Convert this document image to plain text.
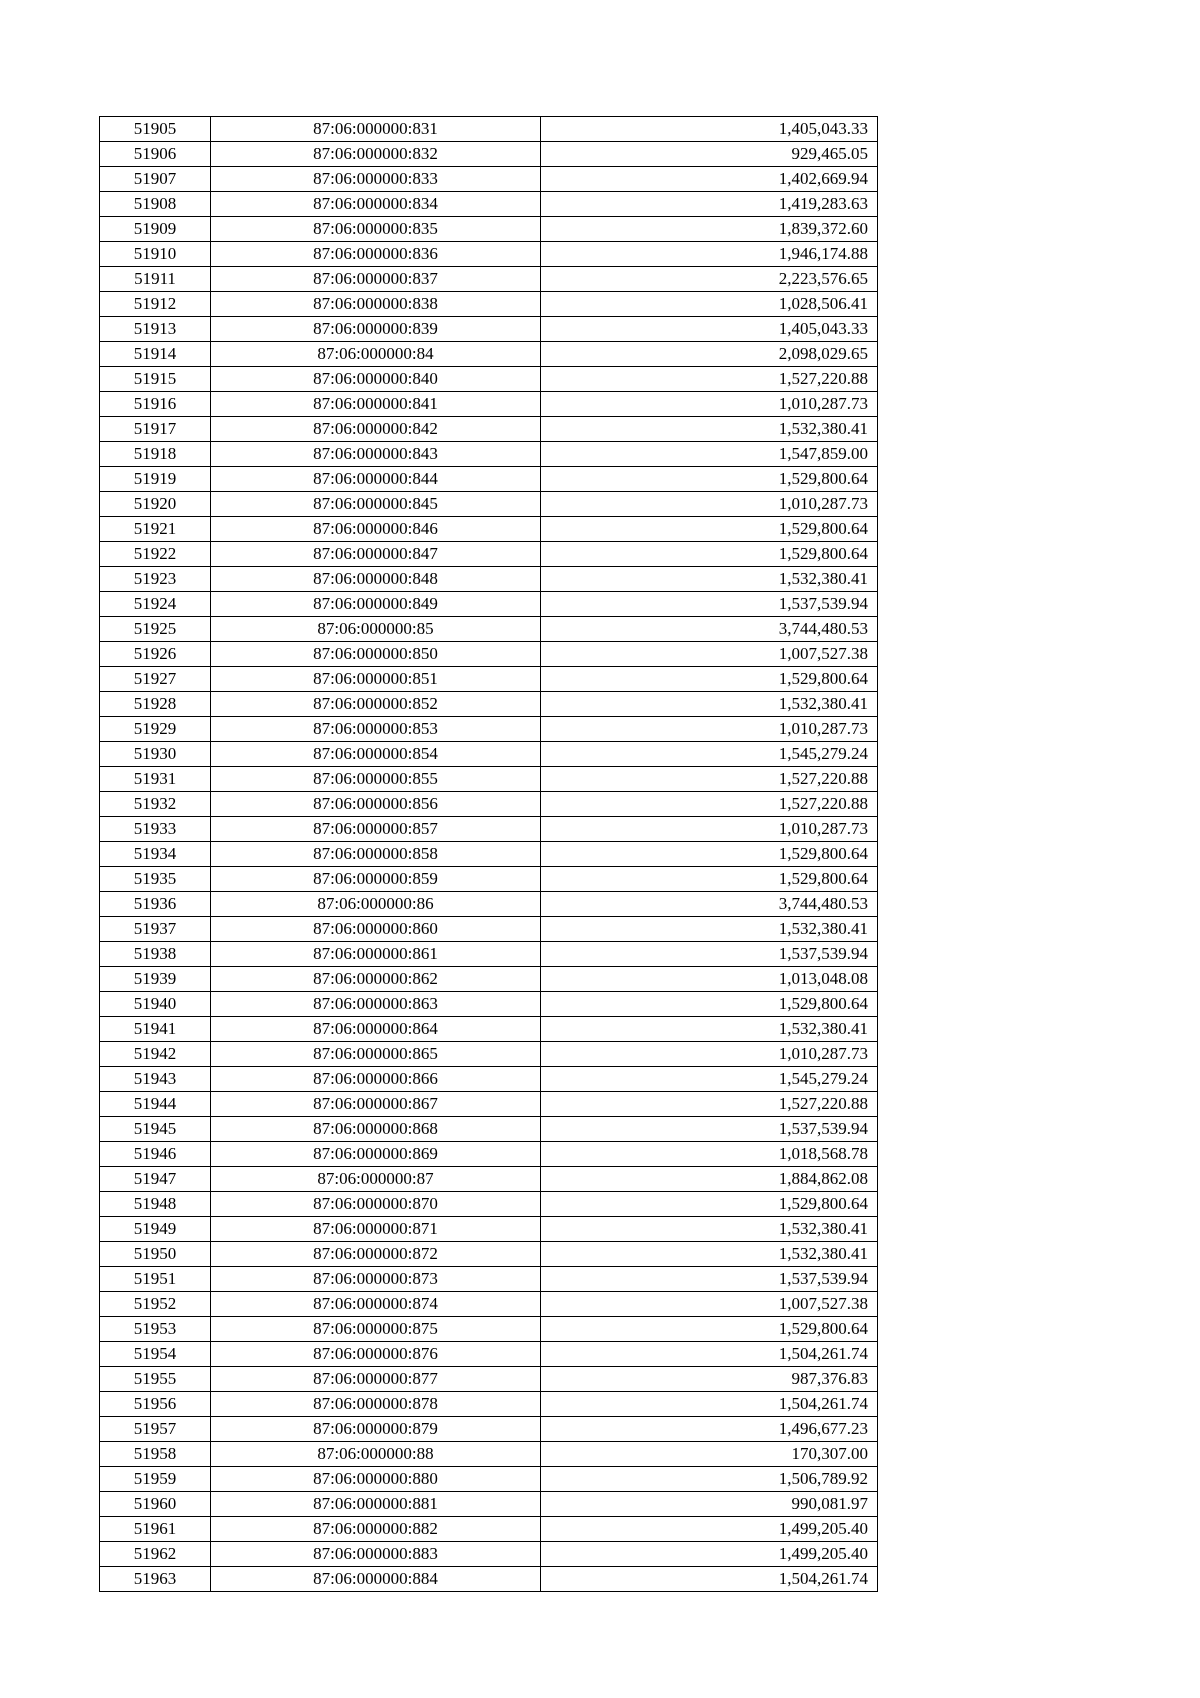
51905	87:06:000000:831	1,405,043.33
51906	87:06:000000:832	929,465.05
51907	87:06:000000:833	1,402,669.94
51908	87:06:000000:834	1,419,283.63
51909	87:06:000000:835	1,839,372.60
51910	87:06:000000:836	1,946,174.88
51911	87:06:000000:837	2,223,576.65
51912	87:06:000000:838	1,028,506.41
51913	87:06:000000:839	1,405,043.33
51914	87:06:000000:84	2,098,029.65
51915	87:06:000000:840	1,527,220.88
51916	87:06:000000:841	1,010,287.73
51917	87:06:000000:842	1,532,380.41
51918	87:06:000000:843	1,547,859.00
51919	87:06:000000:844	1,529,800.64
51920	87:06:000000:845	1,010,287.73
51921	87:06:000000:846	1,529,800.64
51922	87:06:000000:847	1,529,800.64
51923	87:06:000000:848	1,532,380.41
51924	87:06:000000:849	1,537,539.94
51925	87:06:000000:85	3,744,480.53
51926	87:06:000000:850	1,007,527.38
51927	87:06:000000:851	1,529,800.64
51928	87:06:000000:852	1,532,380.41
51929	87:06:000000:853	1,010,287.73
51930	87:06:000000:854	1,545,279.24
51931	87:06:000000:855	1,527,220.88
51932	87:06:000000:856	1,527,220.88
51933	87:06:000000:857	1,010,287.73
51934	87:06:000000:858	1,529,800.64
51935	87:06:000000:859	1,529,800.64
51936	87:06:000000:86	3,744,480.53
51937	87:06:000000:860	1,532,380.41
51938	87:06:000000:861	1,537,539.94
51939	87:06:000000:862	1,013,048.08
51940	87:06:000000:863	1,529,800.64
51941	87:06:000000:864	1,532,380.41
51942	87:06:000000:865	1,010,287.73
51943	87:06:000000:866	1,545,279.24
51944	87:06:000000:867	1,527,220.88
51945	87:06:000000:868	1,537,539.94
51946	87:06:000000:869	1,018,568.78
51947	87:06:000000:87	1,884,862.08
51948	87:06:000000:870	1,529,800.64
51949	87:06:000000:871	1,532,380.41
51950	87:06:000000:872	1,532,380.41
51951	87:06:000000:873	1,537,539.94
51952	87:06:000000:874	1,007,527.38
51953	87:06:000000:875	1,529,800.64
51954	87:06:000000:876	1,504,261.74
51955	87:06:000000:877	987,376.83
51956	87:06:000000:878	1,504,261.74
51957	87:06:000000:879	1,496,677.23
51958	87:06:000000:88	170,307.00
51959	87:06:000000:880	1,506,789.92
51960	87:06:000000:881	990,081.97
51961	87:06:000000:882	1,499,205.40
51962	87:06:000000:883	1,499,205.40
51963	87:06:000000:884	1,504,261.74
